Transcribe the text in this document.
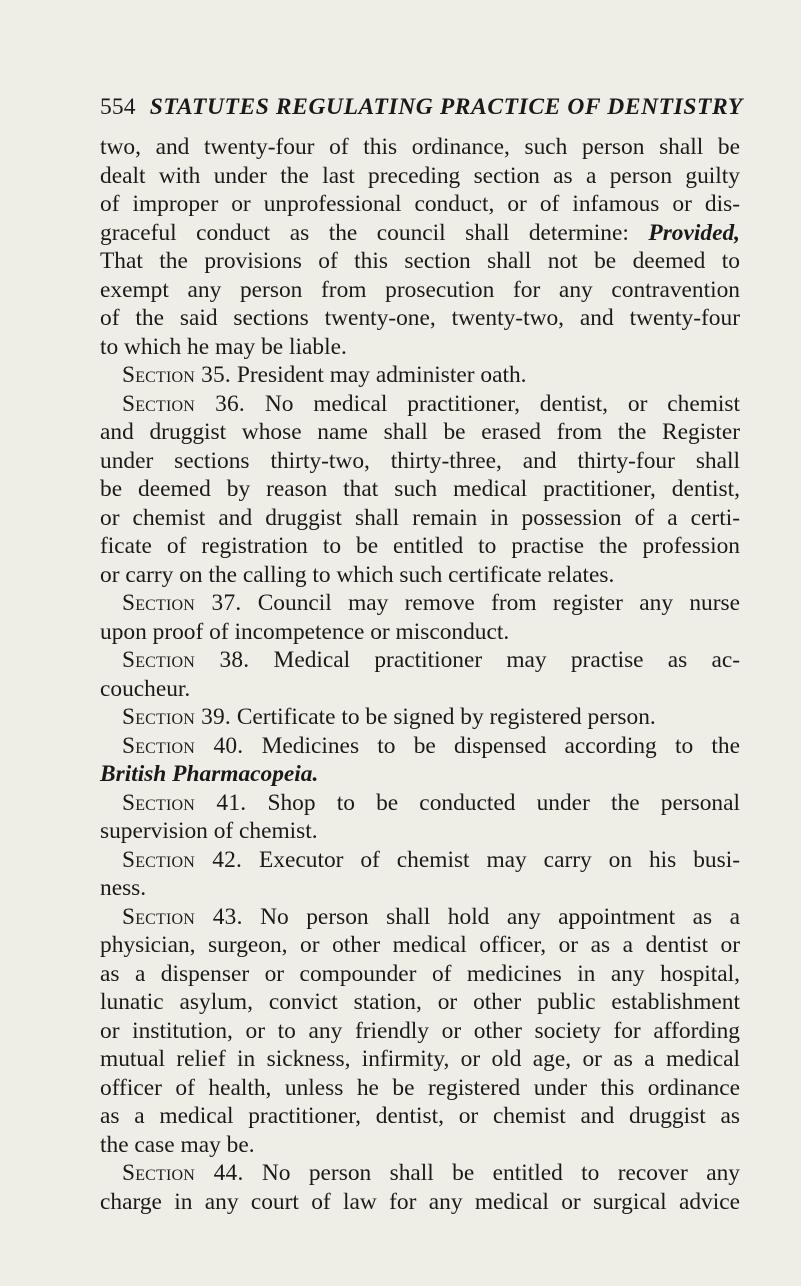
554 STATUTES REGULATING PRACTICE OF DENTISTRY
two, and twenty-four of this ordinance, such person shall be
dealt with under the last preceding section as a person guilty
of improper or unprofessional conduct, or of infamous or dis-
graceful conduct as the council shall determine: Provided,
That the provisions of this section shall not be deemed to
exempt any person from prosecution for any contravention
of the said sections twenty-one, twenty-two, and twenty-four
to which he may be liable.
Section 35. President may administer oath.
Section 36. No medical practitioner, dentist, or chemist
and druggist whose name shall be erased from the Register
under sections thirty-two, thirty-three, and thirty-four shall
be deemed by reason that such medical practitioner, dentist,
or chemist and druggist shall remain in possession of a certi-
ficate of registration to be entitled to practise the profession
or carry on the calling to which such certificate relates.
Section 37. Council may remove from register any nurse
upon proof of incompetence or misconduct.
Section 38. Medical practitioner may practise as ac-
coucheur.
Section 39. Certificate to be signed by registered person.
Section 40. Medicines to be dispensed according to the
British Pharmacopeia.
Section 41. Shop to be conducted under the personal
supervision of chemist.
Section 42. Executor of chemist may carry on his busi-
ness.
Section 43. No person shall hold any appointment as a
physician, surgeon, or other medical officer, or as a dentist or
as a dispenser or compounder of medicines in any hospital,
lunatic asylum, convict station, or other public establishment
or institution, or to any friendly or other society for affording
mutual relief in sickness, infirmity, or old age, or as a medical
officer of health, unless he be registered under this ordinance
as a medical practitioner, dentist, or chemist and druggist as
the case may be.
Section 44. No person shall be entitled to recover any
charge in any court of law for any medical or surgical advice
